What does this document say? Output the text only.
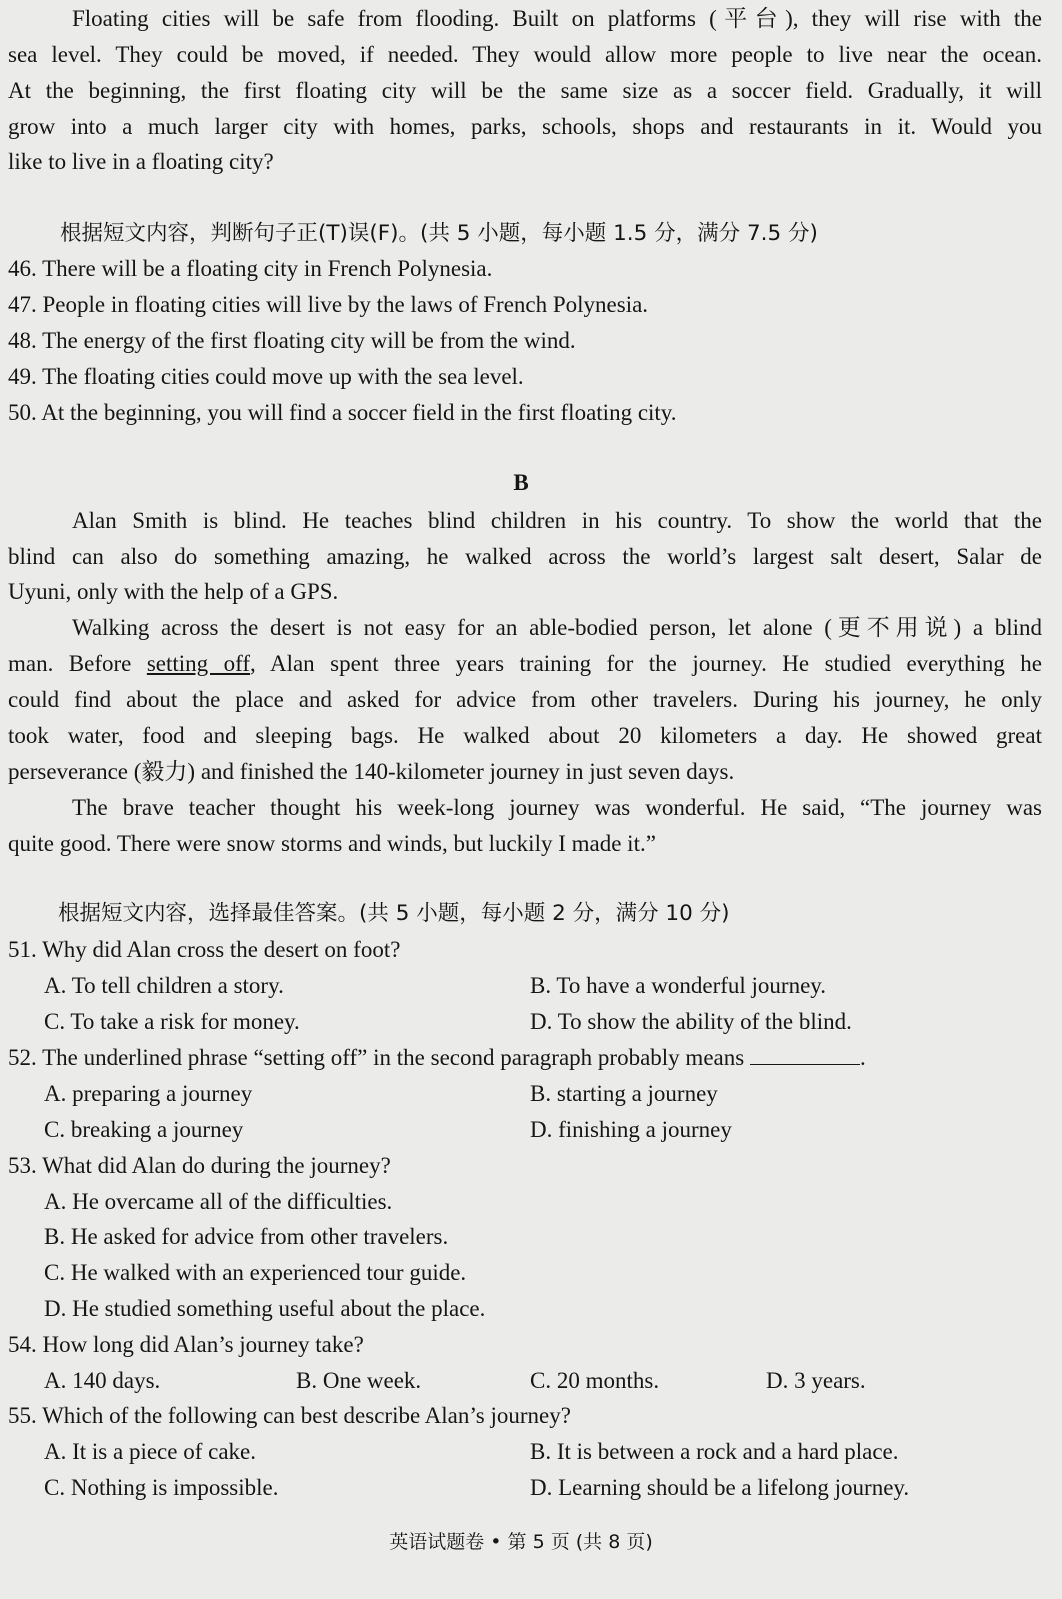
Floating cities will be safe from flooding. Built on platforms (平台), they will rise with the
sea level. They could be moved, if needed. They would allow more people to live near the ocean.
At the beginning, the first floating city will be the same size as a soccer field. Gradually, it will
grow into a much larger city with homes, parks, schools, shops and restaurants in it. Would you
like to live in a floating city?
根据短文内容，判断句子正(T)误(F)。(共 5 小题，每小题 1.5 分，满分 7.5 分)
46. There will be a floating city in French Polynesia.
47. People in floating cities will live by the laws of French Polynesia.
48. The energy of the first floating city will be from the wind.
49. The floating cities could move up with the sea level.
50. At the beginning, you will find a soccer field in the first floating city.
B
Alan Smith is blind. He teaches blind children in his country. To show the world that the
blind can also do something amazing, he walked across the world’s largest salt desert, Salar de
Uyuni, only with the help of a GPS.
Walking across the desert is not easy for an able-bodied person, let alone (更不用说) a blind
man. Before setting off, Alan spent three years training for the journey. He studied everything he
could find about the place and asked for advice from other travelers. During his journey, he only
took water, food and sleeping bags. He walked about 20 kilometers a day. He showed great
perseverance (毅力) and finished the 140-kilometer journey in just seven days.
The brave teacher thought his week-long journey was wonderful. He said, “The journey was
quite good. There were snow storms and winds, but luckily I made it.”
根据短文内容，选择最佳答案。(共 5 小题，每小题 2 分，满分 10 分)
51. Why did Alan cross the desert on foot?
A. To tell children a story.	B. To have a wonderful journey.
C. To take a risk for money.	D. To show the ability of the blind.
52. The underlined phrase “setting off” in the second paragraph probably means	.
A. preparing a journey	B. starting a journey
C. breaking a journey	D. finishing a journey
53. What did Alan do during the journey?
A. He overcame all of the difficulties.
B. He asked for advice from other travelers.
C. He walked with an experienced tour guide.
D. He studied something useful about the place.
54. How long did Alan’s journey take?
A. 140 days.	B. One week.	C. 20 months.	D. 3 years.
55. Which of the following can best describe Alan’s journey?
A. It is a piece of cake.	B. It is between a rock and a hard place.
C. Nothing is impossible.	D. Learning should be a lifelong journey.
英语试题卷 • 第 5 页 (共 8 页)
